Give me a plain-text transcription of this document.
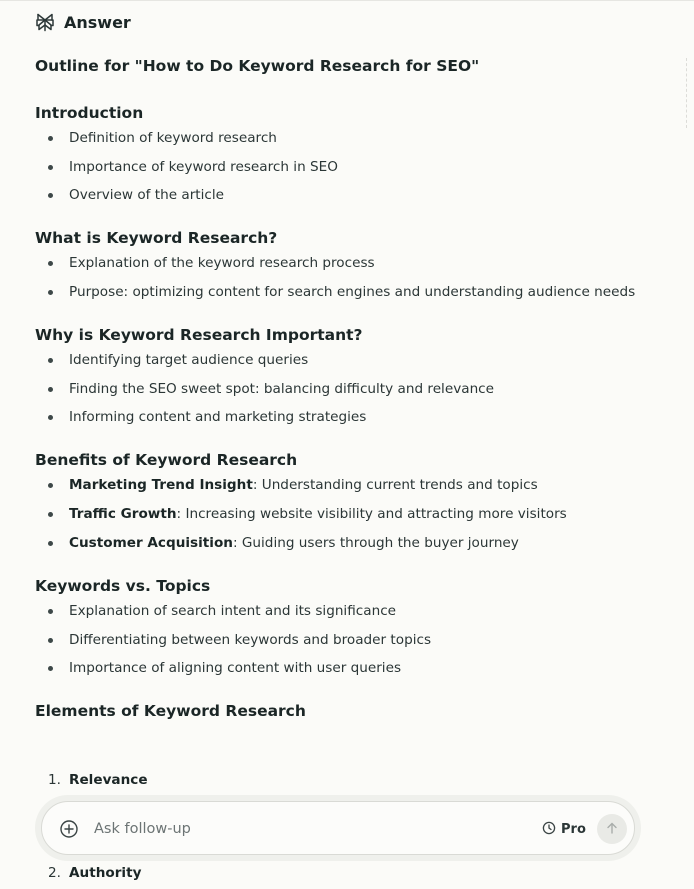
Answer
Outline for "How to Do Keyword Research for SEO"
Introduction
Definition of keyword research
Importance of keyword research in SEO
Overview of the article
What is Keyword Research?
Explanation of the keyword research process
Purpose: optimizing content for search engines and understanding audience needs
Why is Keyword Research Important?
Identifying target audience queries
Finding the SEO sweet spot: balancing difficulty and relevance
Informing content and marketing strategies
Benefits of Keyword Research
Marketing Trend Insight: Understanding current trends and topics
Traffic Growth: Increasing website visibility and attracting more visitors
Customer Acquisition: Guiding users through the buyer journey
Keywords vs. Topics
Explanation of search intent and its significance
Differentiating between keywords and broader topics
Importance of aligning content with user queries
Elements of Keyword Research
1. Relevance
2. Authority
Ask follow-up
Pro
